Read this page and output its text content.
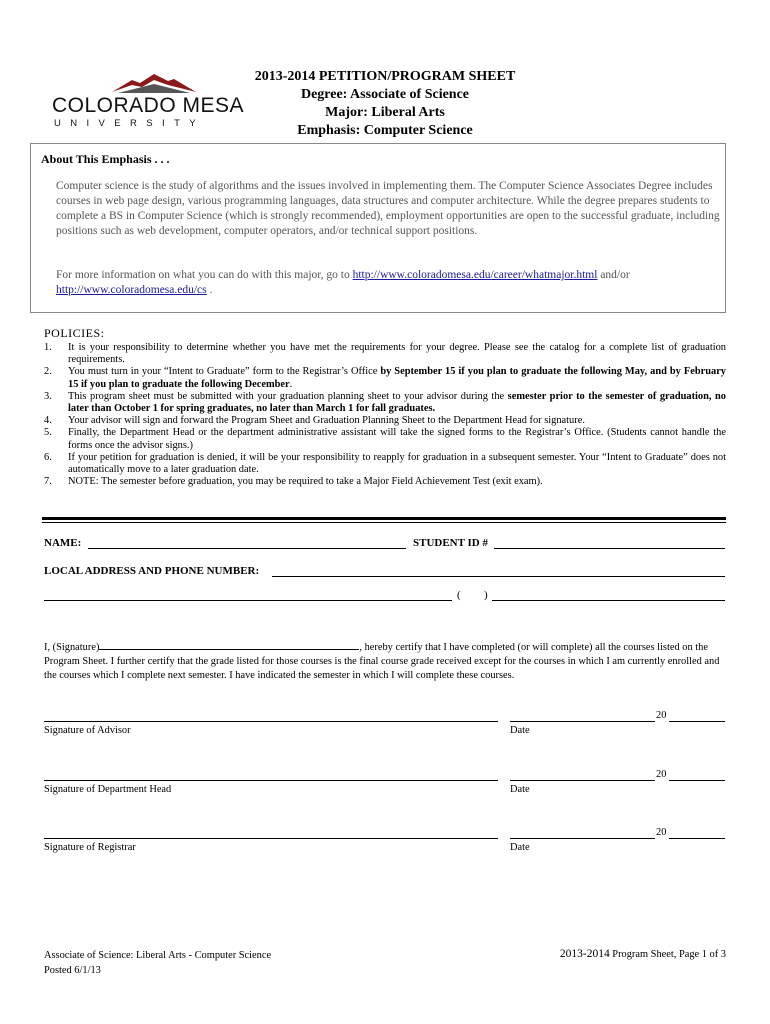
COLORADO MESA
UNIVERSITY
2013-2014 PETITION/PROGRAM SHEET
Degree: Associate of Science
Major: Liberal Arts
Emphasis: Computer Science
About This Emphasis . . .
Computer science is the study of algorithms and the issues involved in implementing them. The Computer Science Associates Degree includes courses in web page design, various programming languages, data structures and computer architecture. While the degree prepares students to complete a BS in Computer Science (which is strongly recommended), employment opportunities are open to the successful graduate, including positions such as web development, computer operators, and/or technical support positions.
For more information on what you can do with this major, go to http://www.coloradomesa.edu/career/whatmajor.html and/or
http://www.coloradomesa.edu/cs .
POLICIES:

1. It is your responsibility to determine whether you have met the requirements for your degree. Please see the catalog for a complete list of graduation requirements.

2. You must turn in your “Intent to Graduate” form to the Registrar’s Office by September 15 if you plan to graduate the following May, and by February 15 if you plan to graduate the following December.

3. This program sheet must be submitted with your graduation planning sheet to your advisor during the semester prior to the semester of graduation, no later than October 1 for spring graduates, no later than March 1 for fall graduates.

4. Your advisor will sign and forward the Program Sheet and Graduation Planning Sheet to the Department Head for signature.

5. Finally, the Department Head or the department administrative assistant will take the signed forms to the Registrar’s Office. (Students cannot handle the forms once the advisor signs.)

6. If your petition for graduation is denied, it will be your responsibility to reapply for graduation in a subsequent semester. Your “Intent to Graduate” does not automatically move to a later graduation date.

7. NOTE: The semester before graduation, you may be required to take a Major Field Achievement Test (exit exam).

NAME:	STUDENT ID #
LOCAL ADDRESS AND PHONE NUMBER:
( )
I, (Signature)	, hereby certify that I have completed (or will complete) all the courses listed on the Program Sheet. I further certify that the grade listed for those courses is the final course grade received except for the courses in which I am currently enrolled and the courses which I complete next semester. I have indicated the semester in which I will complete these courses.
Signature of Advisor
20
Date
Signature of Department Head
20
Date
Signature of Registrar
20
Date
Associate of Science: Liberal Arts - Computer Science
Posted 6/1/13
2013-2014 Program Sheet, Page 1 of 3
